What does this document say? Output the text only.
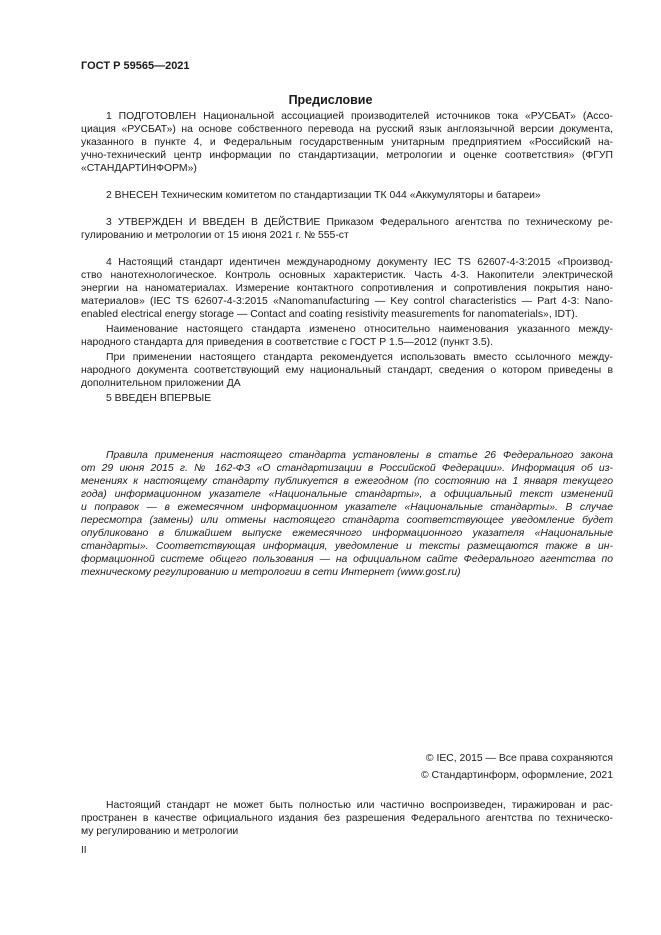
ГОСТ Р 59565—2021
Предисловие
1 ПОДГОТОВЛЕН Национальной ассоциацией производителей источников тока «РУСБАТ» (Ассо-
циация «РУСБАТ») на основе собственного перевода на русский язык англоязычной версии документа,
указанного в пункте 4, и Федеральным государственным унитарным предприятием «Российский на-
учно-технический центр информации по стандартизации, метрологии и оценке соответствия» (ФГУП
«СТАНДАРТИНФОРМ»)
2 ВНЕСЕН Техническим комитетом по стандартизации ТК 044 «Аккумуляторы и батареи»
3 УТВЕРЖДЕН И ВВЕДЕН В ДЕЙСТВИЕ Приказом Федерального агентства по техническому ре-
гулированию и метрологии от 15 июня 2021 г. № 555-ст
4 Настоящий стандарт идентичен международному документу IEC TS 62607-4-3:2015 «Производ-
ство нанотехнологическое. Контроль основных характеристик. Часть 4-3. Накопители электрической
энергии на наноматериалах. Измерение контактного сопротивления и сопротивления покрытия нано-
материалов» (IEC TS 62607-4-3:2015 «Nanomanufacturing — Key control characteristics — Part 4-3: Nano-
enabled electrical energy storage — Contact and coating resistivity measurements for nanomaterials», IDT).
Наименование настоящего стандарта изменено относительно наименования указанного между-
народного стандарта для приведения в соответствие с ГОСТ Р 1.5—2012 (пункт 3.5).
При применении настоящего стандарта рекомендуется использовать вместо ссылочного между-
народного документа соответствующий ему национальный стандарт, сведения о котором приведены в
дополнительном приложении ДА
5 ВВЕДЕН ВПЕРВЫЕ
Правила применения настоящего стандарта установлены в статье 26 Федерального закона
от 29 июня 2015 г. № 162-ФЗ «О стандартизации в Российской Федерации». Информация об из-
менениях к настоящему стандарту публикуется в ежегодном (по состоянию на 1 января текущего
года) информационном указателе «Национальные стандарты», а официальный текст изменений
и поправок — в ежемесячном информационном указателе «Национальные стандарты». В случае
пересмотра (замены) или отмены настоящего стандарта соответствующее уведомление будет
опубликовано в ближайшем выпуске ежемесячного информационного указателя «Национальные
стандарты». Соответствующая информация, уведомление и тексты размещаются также в ин-
формационной системе общего пользования — на официальном сайте Федерального агентства по
техническому регулированию и метрологии в сети Интернет (www.gost.ru)
© IEC, 2015 — Все права сохраняются
© Стандартинформ, оформление, 2021
Настоящий стандарт не может быть полностью или частично воспроизведен, тиражирован и рас-
пространен в качестве официального издания без разрешения Федерального агентства по техническо-
му регулированию и метрологии
II
